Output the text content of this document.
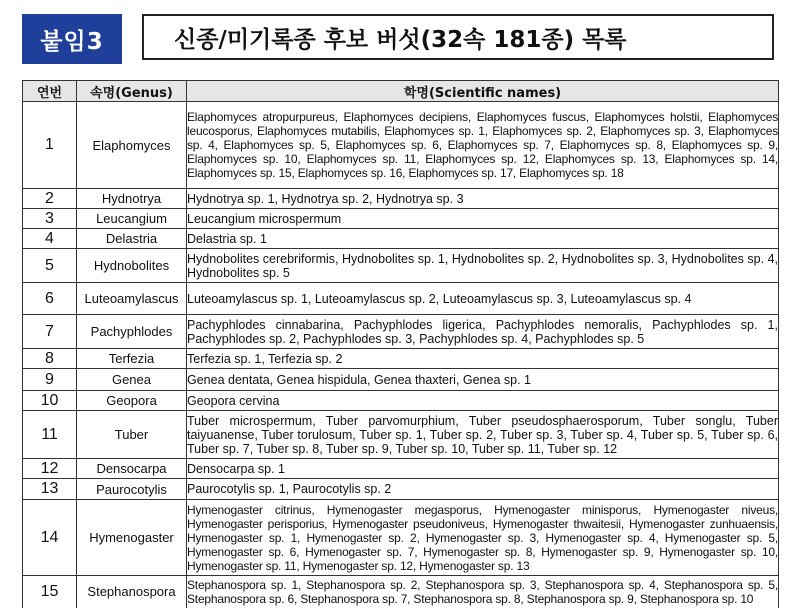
붙임3	신종/미기록종 후보 버섯(32속 181종) 목록
연번	속명(Genus)	학명(Scientific names)
1	Elaphomyces	Elaphomyces atropurpureus, Elaphomyces decipiens, Elaphomyces fuscus, Elaphomyces holstii, Elaphomyces leucosporus, Elaphomyces mutabilis, Elaphomyces sp. 1, Elaphomyces sp. 2, Elaphomyces sp. 3, Elaphomyces sp. 4, Elaphomyces sp. 5, Elaphomyces sp. 6, Elaphomyces sp. 7, Elaphomyces sp. 8, Elaphomyces sp. 9, Elaphomyces sp. 10, Elaphomyces sp. 11, Elaphomyces sp. 12, Elaphomyces sp. 13, Elaphomyces sp. 14, Elaphomyces sp. 15, Elaphomyces sp. 16, Elaphomyces sp. 17, Elaphomyces sp. 18
2	Hydnotrya	Hydnotrya sp. 1, Hydnotrya sp. 2, Hydnotrya sp. 3
3	Leucangium	Leucangium microspermum
4	Delastria	Delastria sp. 1
5	Hydnobolites	Hydnobolites cerebriformis, Hydnobolites sp. 1, Hydnobolites sp. 2, Hydnobolites sp. 3, Hydnobolites sp. 4, Hydnobolites sp. 5
6	Luteoamylascus	Luteoamylascus sp. 1, Luteoamylascus sp. 2, Luteoamylascus sp. 3, Luteoamylascus sp. 4
7	Pachyphlodes	Pachyphlodes cinnabarina, Pachyphlodes ligerica, Pachyphlodes nemoralis, Pachyphlodes sp. 1, Pachyphlodes sp. 2, Pachyphlodes sp. 3, Pachyphlodes sp. 4, Pachyphlodes sp. 5
8	Terfezia	Terfezia sp. 1, Terfezia sp. 2
9	Genea	Genea dentata, Genea hispidula, Genea thaxteri, Genea sp. 1
10	Geopora	Geopora cervina
11	Tuber	Tuber microspermum, Tuber parvomurphium, Tuber pseudosphaerosporum, Tuber songlu, Tuber taiyuanense, Tuber torulosum, Tuber sp. 1, Tuber sp. 2, Tuber sp. 3, Tuber sp. 4, Tuber sp. 5, Tuber sp. 6, Tuber sp. 7, Tuber sp. 8, Tuber sp. 9, Tuber sp. 10, Tuber sp. 11, Tuber sp. 12
12	Densocarpa	Densocarpa sp. 1
13	Paurocotylis	Paurocotylis sp. 1, Paurocotylis sp. 2
14	Hymenogaster	Hymenogaster citrinus, Hymenogaster megasporus, Hymenogaster minisporus, Hymenogaster niveus, Hymenogaster perisporius, Hymenogaster pseudoniveus, Hymenogaster thwaitesii, Hymenogaster zunhuaensis, Hymenogaster sp. 1, Hymenogaster sp. 2, Hymenogaster sp. 3, Hymenogaster sp. 4, Hymenogaster sp. 5, Hymenogaster sp. 6, Hymenogaster sp. 7, Hymenogaster sp. 8, Hymenogaster sp. 9, Hymenogaster sp. 10, Hymenogaster sp. 11, Hymenogaster sp. 12, Hymenogaster sp. 13
15	Stephanospora	Stephanospora sp. 1, Stephanospora sp. 2, Stephanospora sp. 3, Stephanospora sp. 4, Stephanospora sp. 5, Stephanospora sp. 6, Stephanospora sp. 7, Stephanospora sp. 8, Stephanospora sp. 9, Stephanospora sp. 10
